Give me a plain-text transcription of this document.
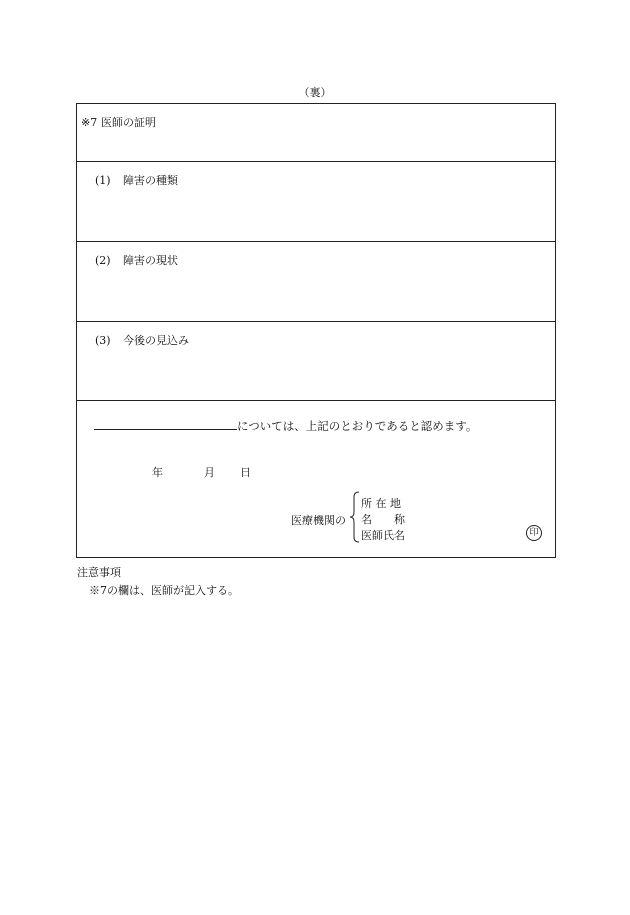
（裏）
※7 医師の証明
(1) 障害の種類
(2) 障害の現状
(3) 今後の見込み
については、上記のとおりであると認めます。
年	月 日
医療機関の
所 在 地
名　　称
医師氏名	印
注意事項
※7の欄は、医師が記入する。
